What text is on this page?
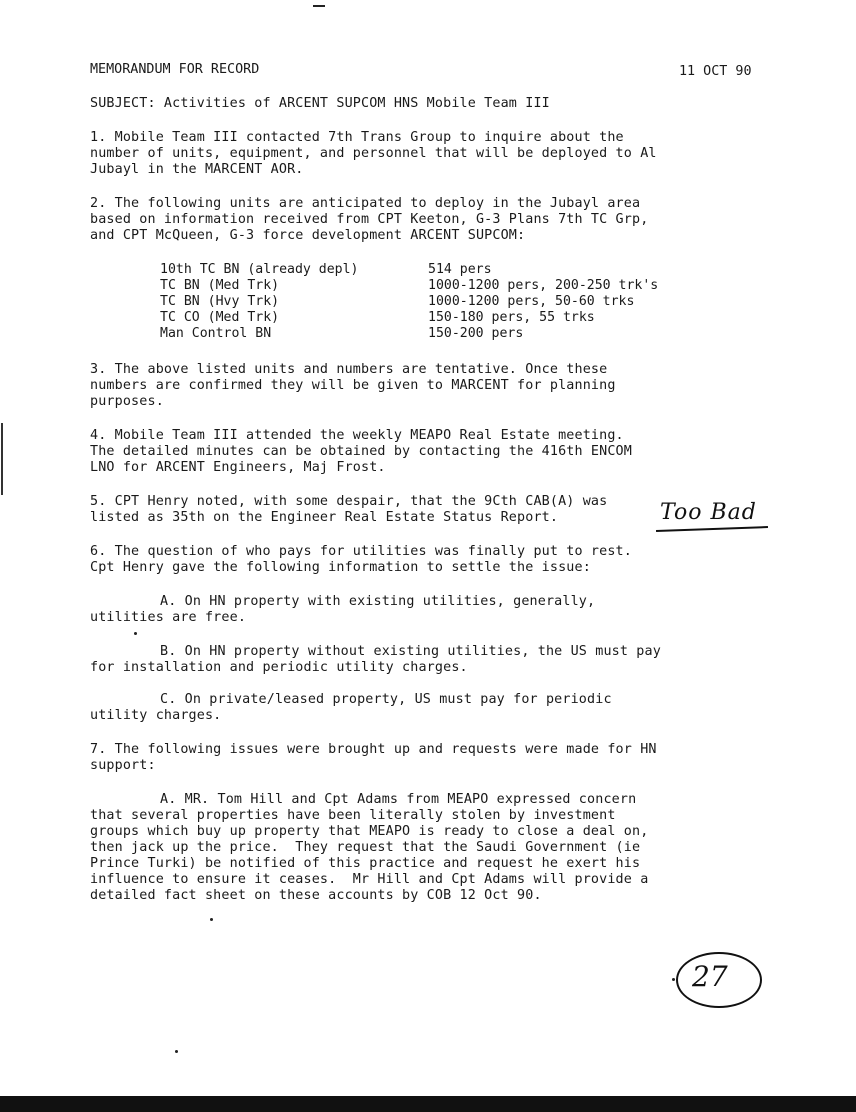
MEMORANDUM FOR RECORD	11 OCT 90
SUBJECT: Activities of ARCENT SUPCOM HNS Mobile Team III
1. Mobile Team III contacted 7th Trans Group to inquire about the
number of units, equipment, and personnel that will be deployed to Al
Jubayl in the MARCENT AOR.
2. The following units are anticipated to deploy in the Jubayl area
based on information received from CPT Keeton, G-3 Plans 7th TC Grp,
and CPT McQueen, G-3 force development ARCENT SUPCOM:
10th TC BN (already depl)	514 pers
TC BN (Med Trk)	1000-1200 pers, 200-250 trk's
TC BN (Hvy Trk)	1000-1200 pers, 50-60 trks
TC CO (Med Trk)	150-180 pers, 55 trks
Man Control BN	150-200 pers
3. The above listed units and numbers are tentative. Once these
numbers are confirmed they will be given to MARCENT for planning
purposes.
4. Mobile Team III attended the weekly MEAPO Real Estate meeting.
The detailed minutes can be obtained by contacting the 416th ENCOM
LNO for ARCENT Engineers, Maj Frost.
5. CPT Henry noted, with some despair, that the 9Cth CAB(A) was
listed as 35th on the Engineer Real Estate Status Report.	Too Bad
6. The question of who pays for utilities was finally put to rest.
Cpt Henry gave the following information to settle the issue:
A. On HN property with existing utilities, generally,
utilities are free.
B. On HN property without existing utilities, the US must pay
for installation and periodic utility charges.
C. On private/leased property, US must pay for periodic
utility charges.
7. The following issues were brought up and requests were made for HN
support:
A. MR. Tom Hill and Cpt Adams from MEAPO expressed concern
that several properties have been literally stolen by investment
groups which buy up property that MEAPO is ready to close a deal on,
then jack up the price.  They request that the Saudi Government (ie
Prince Turki) be notified of this practice and request he exert his
influence to ensure it ceases.  Mr Hill and Cpt Adams will provide a
detailed fact sheet on these accounts by COB 12 Oct 90.
27
